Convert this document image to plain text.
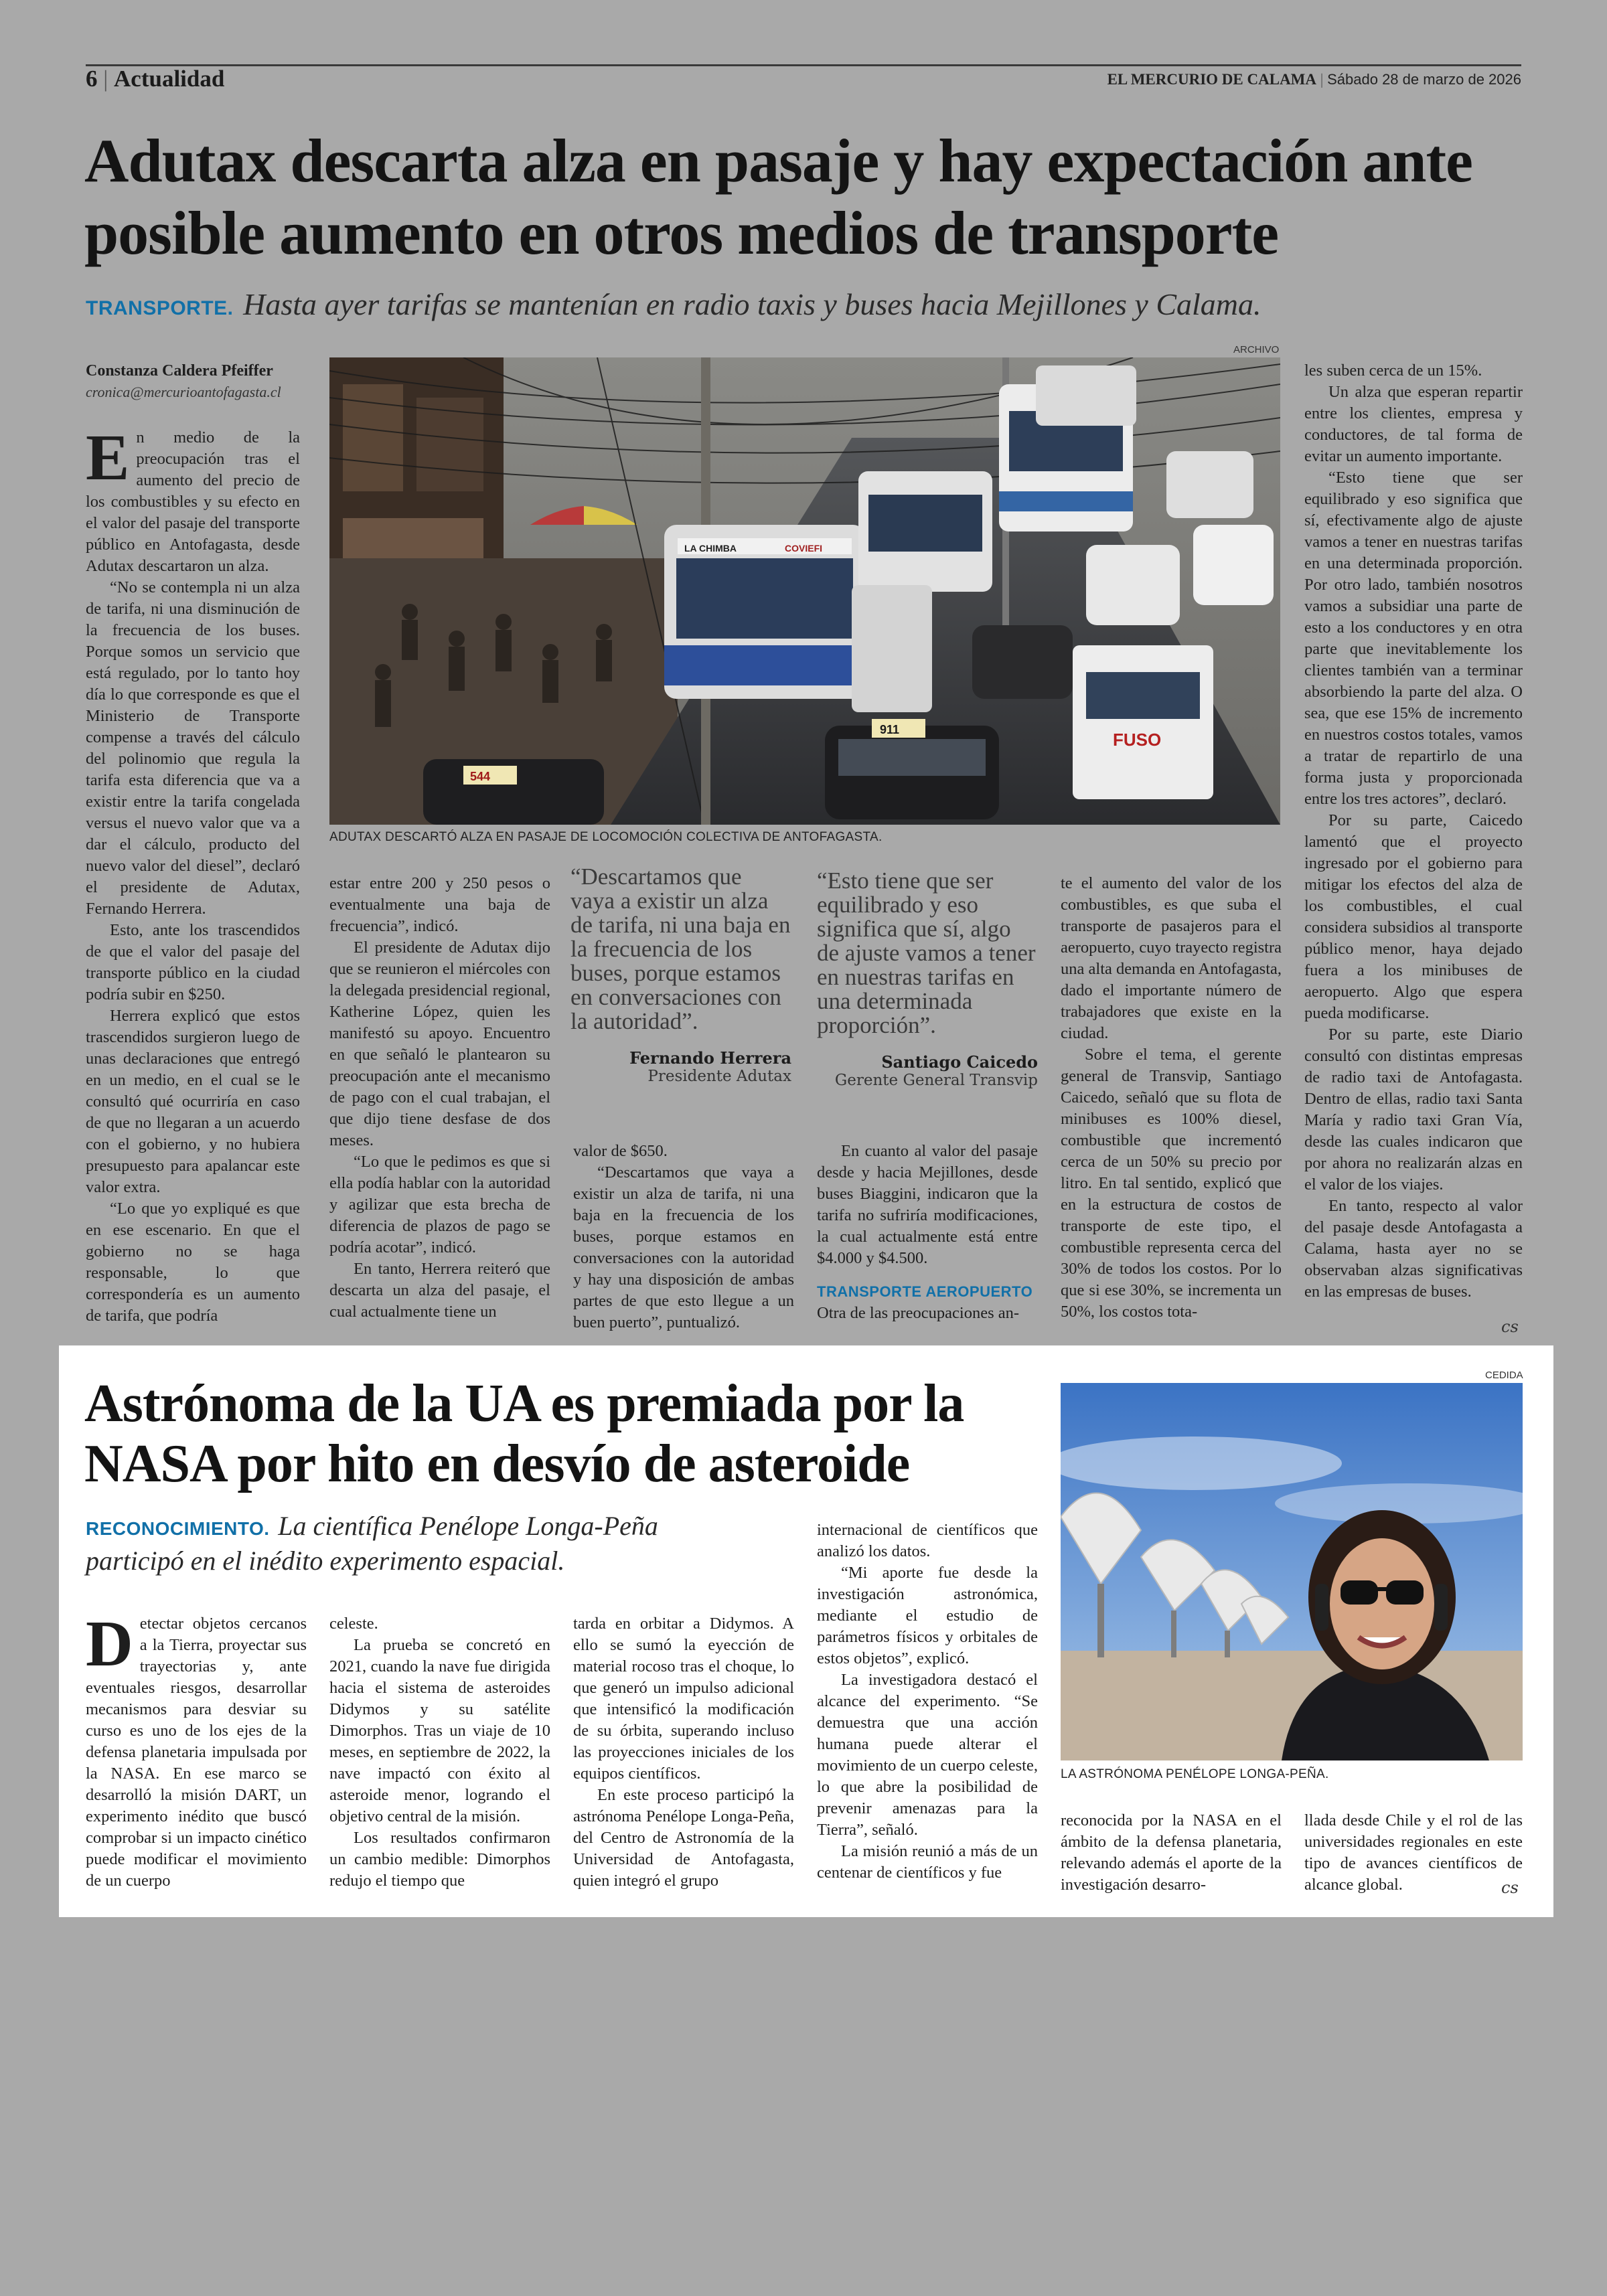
6 | Actualidad	EL MERCURIO DE CALAMA | Sábado 28 de marzo de 2026
Adutax descarta alza en pasaje y hay expectación ante
posible aumento en otros medios de transporte
TRANSPORTE. Hasta ayer tarifas se mantenían en radio taxis y buses hacia Mejillones y Calama.
Constanza Caldera Pfeiffer
cronica@mercurioantofagasta.cl

En medio de la preocupación tras el aumento del precio de los combustibles y su efecto en el valor del pasaje del transporte público en Antofagasta, desde Adutax descartaron un alza.

“No se contempla ni un alza de tarifa, ni una disminución de la frecuencia de los buses. Porque somos un servicio que está regulado, por lo tanto hoy día lo que corresponde es que el Ministerio de Transporte compense a través del cálculo del polinomio que regula la tarifa esta diferencia que va a existir entre la tarifa congelada versus el nuevo valor que va a dar el cálculo, producto del nuevo valor del diesel”, declaró el presidente de Adutax, Fernando Herrera.

Esto, ante los trascendidos de que el valor del pasaje del transporte público en la ciudad podría subir en $250.

Herrera explicó que estos trascendidos surgieron luego de unas declaraciones que entregó en un medio, en el cual se le consultó qué ocurriría en caso de que no llegaran a un acuerdo con el gobierno, y no hubiera presupuesto para apalancar este valor extra.

“Lo que yo expliqué es que en ese escenario. En que el gobierno no se haga responsable, lo que correspondería es un aumento de tarifa, que podría

ARCHIVO
LA CHIMBA	COVIEFI
FUSO
544
911
ADUTAX DESCARTÓ ALZA EN PASAJE DE LOCOMOCIÓN COLECTIVA DE ANTOFAGASTA.

estar entre 200 y 250 pesos o eventualmente una baja de frecuencia”, indicó.

El presidente de Adutax dijo que se reunieron el miércoles con la delegada presidencial regional, Katherine López, quien les manifestó su apoyo. Encuentro en que señaló le plantearon su preocupación ante el mecanismo de pago con el cual trabajan, el que dijo tiene desfase de dos meses.

“Lo que le pedimos es que si ella podía hablar con la autoridad y agilizar que esta brecha de diferencia de plazos de pago se podría acotar”, indicó.

En tanto, Herrera reiteró que descarta un alza del pasaje, el cual actualmente tiene un

“Descartamos que vaya a existir un alza de tarifa, ni una baja en la frecuencia de los buses, porque estamos en conversaciones con la autoridad”.
Fernando Herrera
Presidente Adutax

valor de $650.

“Descartamos que vaya a existir un alza de tarifa, ni una baja en la frecuencia de los buses, porque estamos en conversaciones con la autoridad y hay una disposición de ambas partes de que esto llegue a un buen puerto”, puntualizó.

“Esto tiene que ser equilibrado y eso significa que sí, algo de ajuste vamos a tener en nuestras tarifas en una determinada proporción”.
Santiago Caicedo
Gerente General Transvip

En cuanto al valor del pasaje desde y hacia Mejillones, desde buses Biaggini, indicaron que la tarifa no sufriría modificaciones, la cual actualmente está entre $4.000 y $4.500.

TRANSPORTE AEROPUERTO

Otra de las preocupaciones an-

te el aumento del valor de los combustibles, es que suba el transporte de pasajeros para el aeropuerto, cuyo trayecto registra una alta demanda en Antofagasta, dado el importante número de trabajadores que existe en la ciudad.

Sobre el tema, el gerente general de Transvip, Santiago Caicedo, señaló que su flota de minibuses es 100% diesel, combustible que incrementó cerca de un 50% su precio por litro. En tal sentido, explicó que en la estructura de costos de transporte de este tipo, el combustible representa cerca del 30% de todos los costos. Por lo que si ese 30%, se incrementa un 50%, los costos tota-

les suben cerca de un 15%.

Un alza que esperan repartir entre los clientes, empresa y conductores, de tal forma de evitar un aumento importante.

“Esto tiene que ser equilibrado y eso significa que sí, efectivamente algo de ajuste vamos a tener en nuestras tarifas en una determinada proporción. Por otro lado, también nosotros vamos a subsidiar una parte de esto a los conductores y en otra parte que inevitablemente los clientes también van a terminar absorbiendo la parte del alza. O sea, que ese 15% de incremento en nuestros costos totales, vamos a tratar de repartirlo de una forma justa y proporcionada entre los tres actores”, declaró.

Por su parte, Caicedo lamentó que el proyecto ingresado por el gobierno para mitigar los efectos del alza de los combustibles, el cual considera subsidios al transporte público menor, haya dejado fuera a los minibuses de aeropuerto. Algo que espera pueda modificarse.

Por su parte, este Diario consultó con distintas empresas de radio taxi de Antofagasta. Dentro de ellas, radio taxi Santa María y radio taxi Gran Vía, desde las cuales indicaron que por ahora no realizarán alzas en el valor de los viajes.

En tanto, respecto al valor del pasaje desde Antofagasta a Calama, hasta ayer no se observaban alzas significativas en las empresas de buses.

cs
Astrónoma de la UA es premiada por la
NASA por hito en desvío de asteroide
RECONOCIMIENTO. La científica Penélope Longa-Peña
participó en el inédito experimento espacial.

Detectar objetos cercanos a la Tierra, proyectar sus trayectorias y, ante eventuales riesgos, desarrollar mecanismos para desviar su curso es uno de los ejes de la defensa planetaria impulsada por la NASA. En ese marco se desarrolló la misión DART, un experimento inédito que buscó comprobar si un impacto cinético puede modificar el movimiento de un cuerpo

celeste.

La prueba se concretó en 2021, cuando la nave fue dirigida hacia el sistema de asteroides Didymos y su satélite Dimorphos. Tras un viaje de 10 meses, en septiembre de 2022, la nave impactó con éxito al asteroide menor, logrando el objetivo central de la misión.

Los resultados confirmaron un cambio medible: Dimorphos redujo el tiempo que

tarda en orbitar a Didymos. A ello se sumó la eyección de material rocoso tras el choque, lo que generó un impulso adicional que intensificó la modificación de su órbita, superando incluso las proyecciones iniciales de los equipos científicos.

En este proceso participó la astrónoma Penélope Longa-Peña, del Centro de Astronomía de la Universidad de Antofagasta, quien integró el grupo

internacional de científicos que analizó los datos.

“Mi aporte fue desde la investigación astronómica, mediante el estudio de parámetros físicos y orbitales de estos objetos”, explicó.

La investigadora destacó el alcance del experimento. “Se demuestra que una acción humana puede alterar el movimiento de un cuerpo celeste, lo que abre la posibilidad de prevenir amenazas para la Tierra”, señaló.

La misión reunió a más de un centenar de científicos y fue

CEDIDA
LA ASTRÓNOMA PENÉLOPE LONGA-PEÑA.

reconocida por la NASA en el ámbito de la defensa planetaria, relevando además el aporte de la investigación desarro-

llada desde Chile y el rol de las universidades regionales en este tipo de avances científicos de alcance global.	cs
